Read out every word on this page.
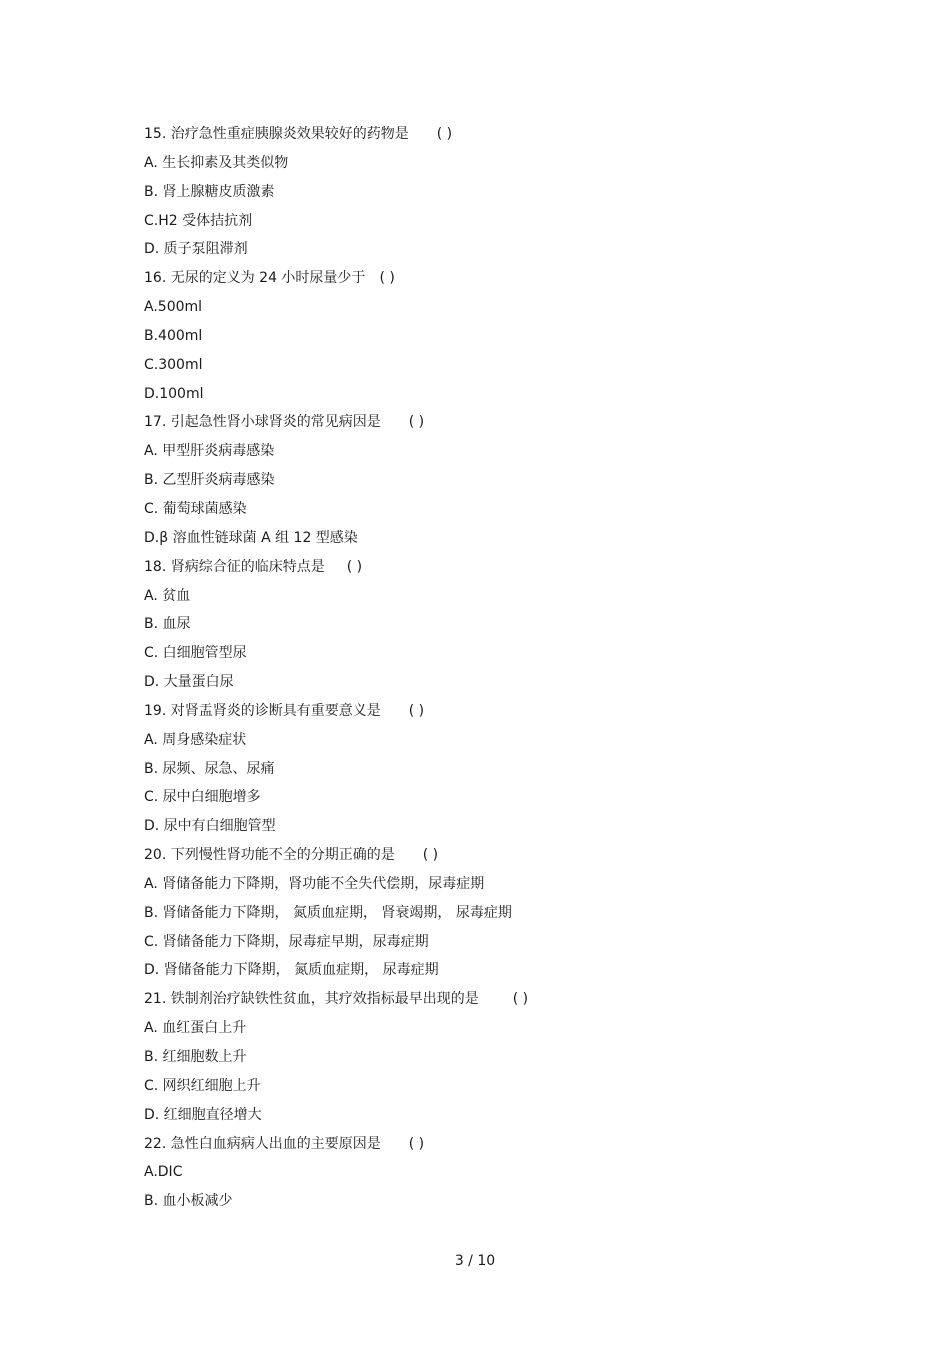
15. 治疗急性重症胰腺炎效果较好的药物是 ( )
A. 生长抑素及其类似物
B. 肾上腺糖皮质激素
C.H2 受体拮抗剂
D. 质子泵阻滞剂
16. 无尿的定义为 24 小时尿量少于 ( )
A.500ml
B.400ml
C.300ml
D.100ml
17. 引起急性肾小球肾炎的常见病因是 ( )
A. 甲型肝炎病毒感染
B. 乙型肝炎病毒感染
C. 葡萄球菌感染
D.β 溶血性链球菌 A 组 12 型感染
18. 肾病综合征的临床特点是 ( )
A. 贫血
B. 血尿
C. 白细胞管型尿
D. 大量蛋白尿
19. 对肾盂肾炎的诊断具有重要意义是 ( )
A. 周身感染症状
B. 尿频、尿急、尿痛
C. 尿中白细胞增多
D. 尿中有白细胞管型
20. 下列慢性肾功能不全的分期正确的是 ( )
A. 肾储备能力下降期，肾功能不全失代偿期，尿毒症期
B. 肾储备能力下降期， 氮质血症期， 肾衰竭期， 尿毒症期
C. 肾储备能力下降期，尿毒症早期，尿毒症期
D. 肾储备能力下降期， 氮质血症期， 尿毒症期
21. 铁制剂治疗缺铁性贫血，其疗效指标最早出现的是 ( )
A. 血红蛋白上升
B. 红细胞数上升
C. 网织红细胞上升
D. 红细胞直径增大
22. 急性白血病病人出血的主要原因是 ( )
A.DIC
B. 血小板减少
3 / 10
